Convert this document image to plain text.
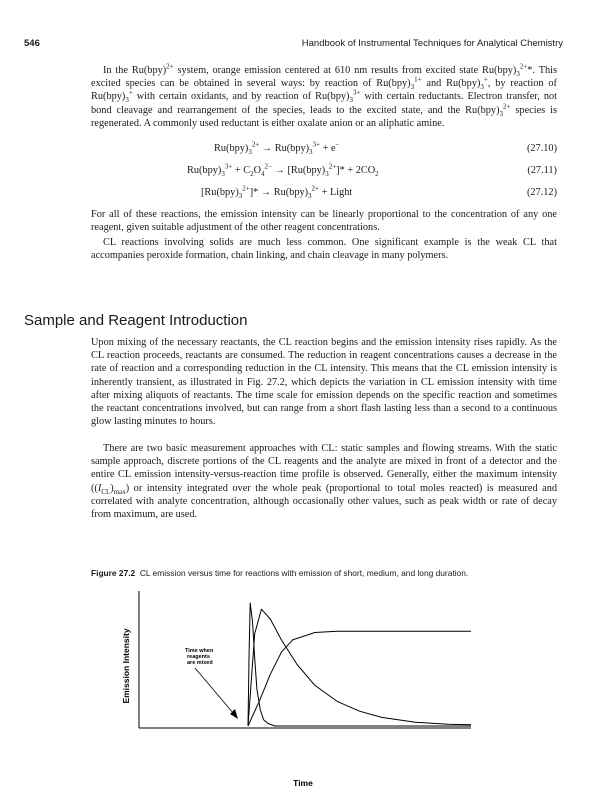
546	Handbook of Instrumental Techniques for Analytical Chemistry

In the Ru(bpy)$^{2+}$ system, orange emission centered at 610 nm results from excited state $Ru(bpy)_3^{2+}*$. This excited species can be obtained in several ways: by reaction of $Ru(bpy)_3^{1+}$ and $Ru(bpy)_3^+$, by reaction of $Ru(bpy)_3^+$ with certain oxidants, and by reaction of $Ru(bpy)_3^{3+}$ with certain reductants. Electron transfer, not bond cleavage and rearrangement of the species, leads to the excited state, and the $Ru(bpy)_3^{2+}$ species is regenerated. A commonly used reductant is either oxalate anion or an aliphatic amine.

$Ru(bpy)_3^{2+} \to Ru(bpy)_3^{3+} + e^-$	(27.10)
$Ru(bpy)_3^{3+} + C_2O_4^{2-} \to [Ru(bpy)_3^{2+}]* + 2CO_2$	(27.11)
$[Ru(bpy)_3^{2+}]* \to Ru(bpy)_3^{2+}$ + Light	(27.12)

For all of these reactions, the emission intensity can be linearly proportional to the concentration of any one reagent, given suitable adjustment of the other reagent concentrations.

CL reactions involving solids are much less common. One significant example is the weak CL that accompanies peroxide formation, chain linking, and chain cleavage in many polymers.

Sample and Reagent Introduction

Upon mixing of the necessary reactants, the CL reaction begins and the emission intensity rises rapidly. As the CL reaction proceeds, reactants are consumed. The reduction in reagent concentrations causes a decrease in the rate of reaction and a corresponding reduction in the CL intensity. This means that the CL emission intensity is inherently transient, as illustrated in Fig. 27.2, which depicts the variation in CL emission intensity with time after mixing aliquots of reactants. The time scale for emission depends on the specific reaction and sometimes the reactant concentrations involved, but can range from a short flash lasting less than a second to a continuous glow lasting minutes to hours.

There are two basic measurement approaches with CL: static samples and flowing streams. With the static sample approach, discrete portions of the CL reagents and the analyte are mixed in front of a detector and the entire CL emission intensity-versus-reaction time profile is observed. Generally, either the maximum intensity $((I_{CL})_{max})$ or intensity integrated over the whole peak (proportional to total moles reacted) is measured and correlated with analyte concentration, although occasionally other values, such as peak width or rate of decay from maximum, are used.

Figure 27.2 CL emission versus time for reactions with emission of short, medium, and long duration.
Emission Intensity
Time
Time when
reagents
are mixed
